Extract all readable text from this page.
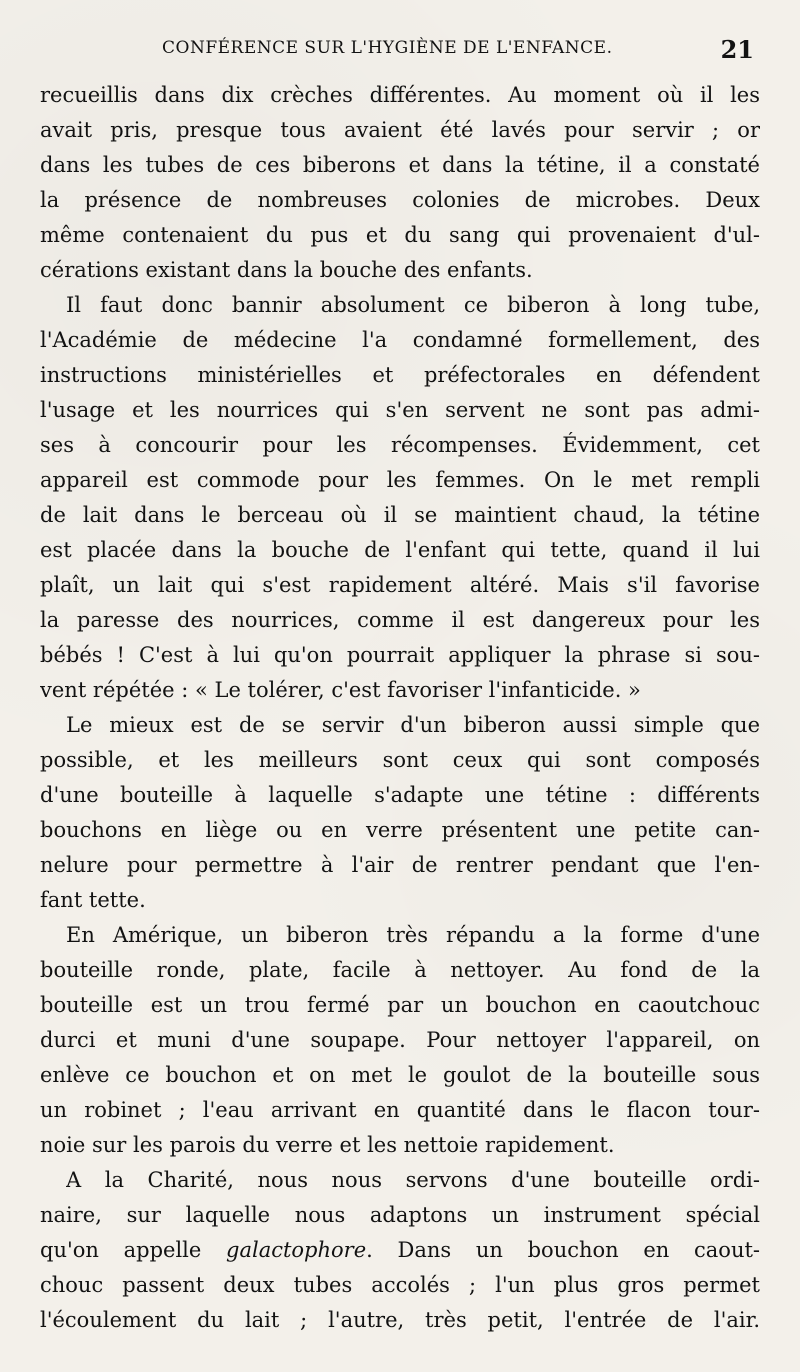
CONFÉRENCE SUR L'HYGIÈNE DE L'ENFANCE.	21
recueillis dans dix crèches différentes. Au moment où il les
avait pris, presque tous avaient été lavés pour servir ; or
dans les tubes de ces biberons et dans la tétine, il a constaté
la présence de nombreuses colonies de microbes. Deux
même contenaient du pus et du sang qui provenaient d'ul-
cérations existant dans la bouche des enfants.
Il faut donc bannir absolument ce biberon à long tube,
l'Académie de médecine l'a condamné formellement, des
instructions ministérielles et préfectorales en défendent
l'usage et les nourrices qui s'en servent ne sont pas admi-
ses à concourir pour les récompenses. Évidemment, cet
appareil est commode pour les femmes. On le met rempli
de lait dans le berceau où il se maintient chaud, la tétine
est placée dans la bouche de l'enfant qui tette, quand il lui
plaît, un lait qui s'est rapidement altéré. Mais s'il favorise
la paresse des nourrices, comme il est dangereux pour les
bébés ! C'est à lui qu'on pourrait appliquer la phrase si sou-
vent répétée : « Le tolérer, c'est favoriser l'infanticide. »
Le mieux est de se servir d'un biberon aussi simple que
possible, et les meilleurs sont ceux qui sont composés
d'une bouteille à laquelle s'adapte une tétine : différents
bouchons en liège ou en verre présentent une petite can-
nelure pour permettre à l'air de rentrer pendant que l'en-
fant tette.
En Amérique, un biberon très répandu a la forme d'une
bouteille ronde, plate, facile à nettoyer. Au fond de la
bouteille est un trou fermé par un bouchon en caoutchouc
durci et muni d'une soupape. Pour nettoyer l'appareil, on
enlève ce bouchon et on met le goulot de la bouteille sous
un robinet ; l'eau arrivant en quantité dans le flacon tour-
noie sur les parois du verre et les nettoie rapidement.
A la Charité, nous nous servons d'une bouteille ordi-
naire, sur laquelle nous adaptons un instrument spécial
qu'on appelle galactophore. Dans un bouchon en caout-
chouc passent deux tubes accolés ; l'un plus gros permet
l'écoulement du lait ; l'autre, très petit, l'entrée de l'air.
